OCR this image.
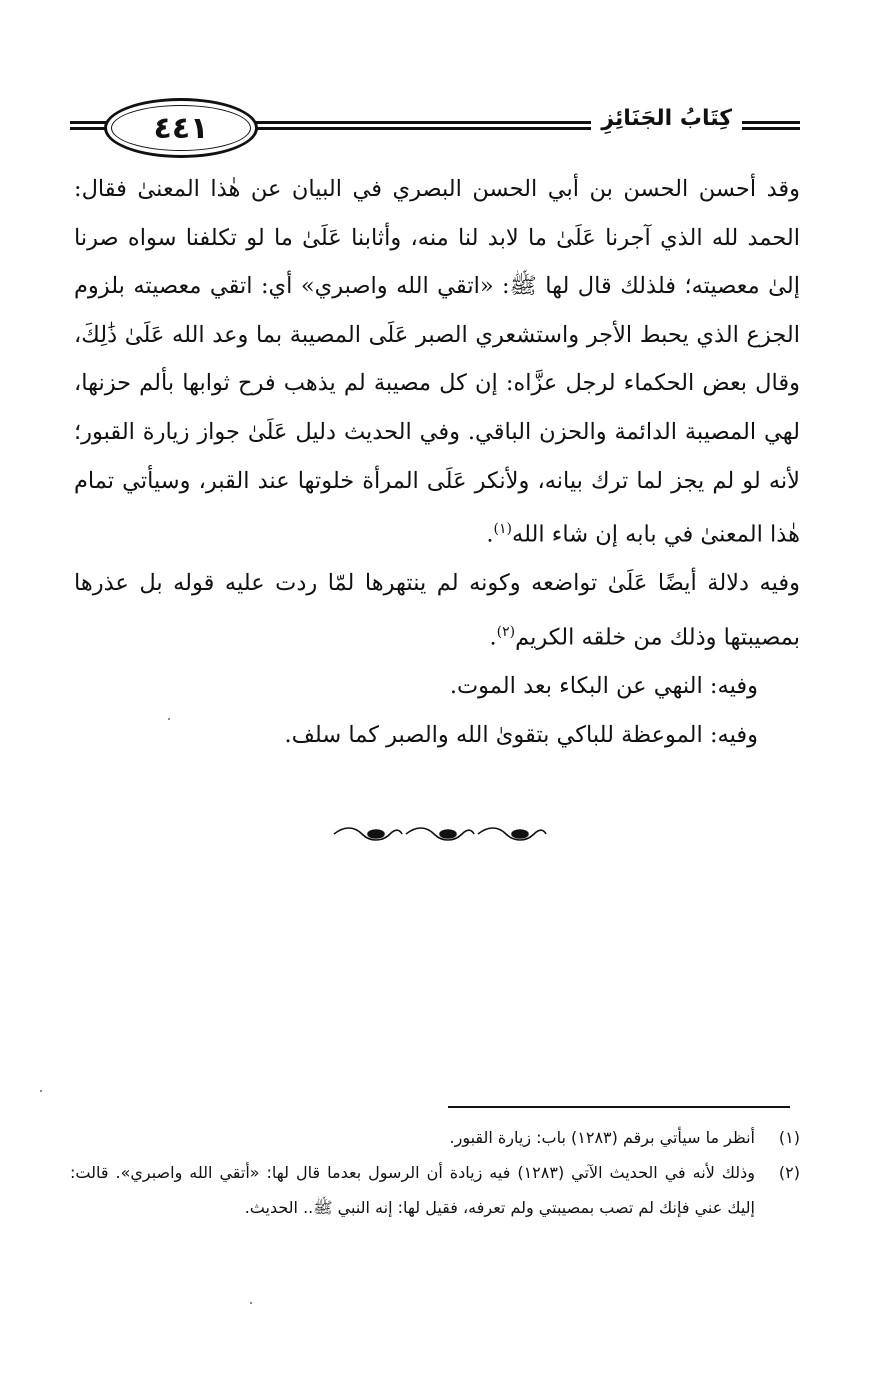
٤٤١	كِتَابُ الجَنَائِزِ

وقد أحسن الحسن بن أبي الحسن البصري في البيان عن هٰذا المعنىٰ فقال: الحمد لله الذي آجرنا عَلَىٰ ما لابد لنا منه، وأثابنا عَلَىٰ ما لو تكلفنا سواه صرنا إلىٰ معصيته؛ فلذلك قال لها ﷺ: «اتقي الله واصبري» أي: اتقي معصيته بلزوم الجزع الذي يحبط الأجر واستشعري الصبر عَلَى المصيبة بما وعد الله عَلَىٰ ذَٰلِكَ، وقال بعض الحكماء لرجل عزَّاه: إن كل مصيبة لم يذهب فرح ثوابها بألم حزنها، لهي المصيبة الدائمة والحزن الباقي. وفي الحديث دليل عَلَىٰ جواز زيارة القبور؛ لأنه لو لم يجز لما ترك بيانه، ولأنكر عَلَى المرأة خلوتها عند القبر، وسيأتي تمام هٰذا المعنىٰ في بابه إن شاء الله$^{(١)}$.

وفيه دلالة أيضًا عَلَىٰ تواضعه وكونه لم ينتهرها لمّا ردت عليه قوله بل عذرها بمصيبتها وذلك من خلقه الكريم$^{(٢)}$.

وفيه: النهي عن البكاء بعد الموت.

وفيه: الموعظة للباكي بتقوىٰ الله والصبر كما سلف.

(١)
أنظر ما سيأتي برقم (١٢٨٣) باب: زيارة القبور.
(٢)
وذلك لأنه في الحديث الآتي (١٢٨٣) فيه زيادة أن الرسول بعدما قال لها: «أتقي الله واصبري». قالت: إليك عني فإنك لم تصب بمصيبتي ولم تعرفه، فقيل لها: إنه النبي ﷺ.. الحديث.
